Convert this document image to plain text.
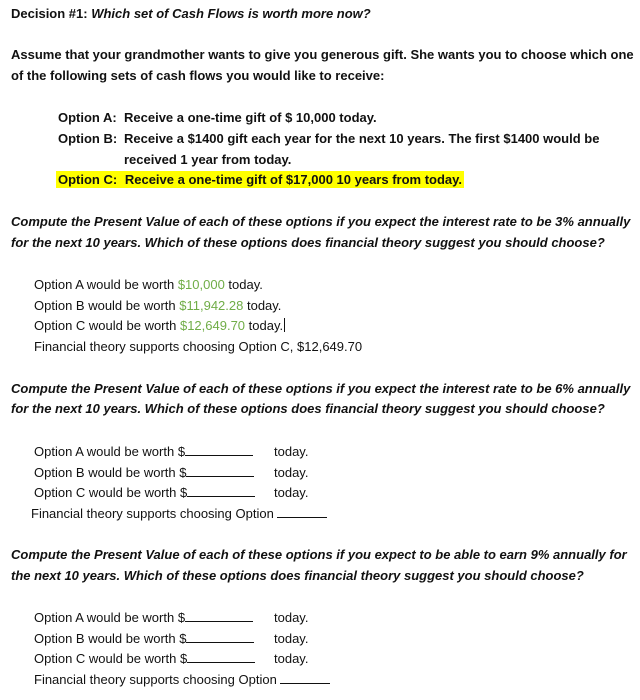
Decision #1: Which set of Cash Flows is worth more now?
Assume that your grandmother wants to give you generous gift. She wants you to choose which one
of the following sets of cash flows you would like to receive:
Option A: Receive a one-time gift of $ 10,000 today.
Option B: Receive a $1400 gift each year for the next 10 years. The first $1400 would be
received 1 year from today.
Option C: Receive a one-time gift of $17,000 10 years from today.
Compute the Present Value of each of these options if you expect the interest rate to be 3% annually
for the next 10 years. Which of these options does financial theory suggest you should choose?
Option A would be worth $10,000 today.
Option B would be worth $11,942.28 today.
Option C would be worth $12,649.70 today.
Financial theory supports choosing Option C, $12,649.70
Compute the Present Value of each of these options if you expect the interest rate to be 6% annually
for the next 10 years. Which of these options does financial theory suggest you should choose?
Option A would be worth $	today.
Option B would be worth $	today.
Option C would be worth $	today.
Financial theory supports choosing Option
Compute the Present Value of each of these options if you expect to be able to earn 9% annually for
the next 10 years. Which of these options does financial theory suggest you should choose?
Option A would be worth $	today.
Option B would be worth $	today.
Option C would be worth $	today.
Financial theory supports choosing Option
